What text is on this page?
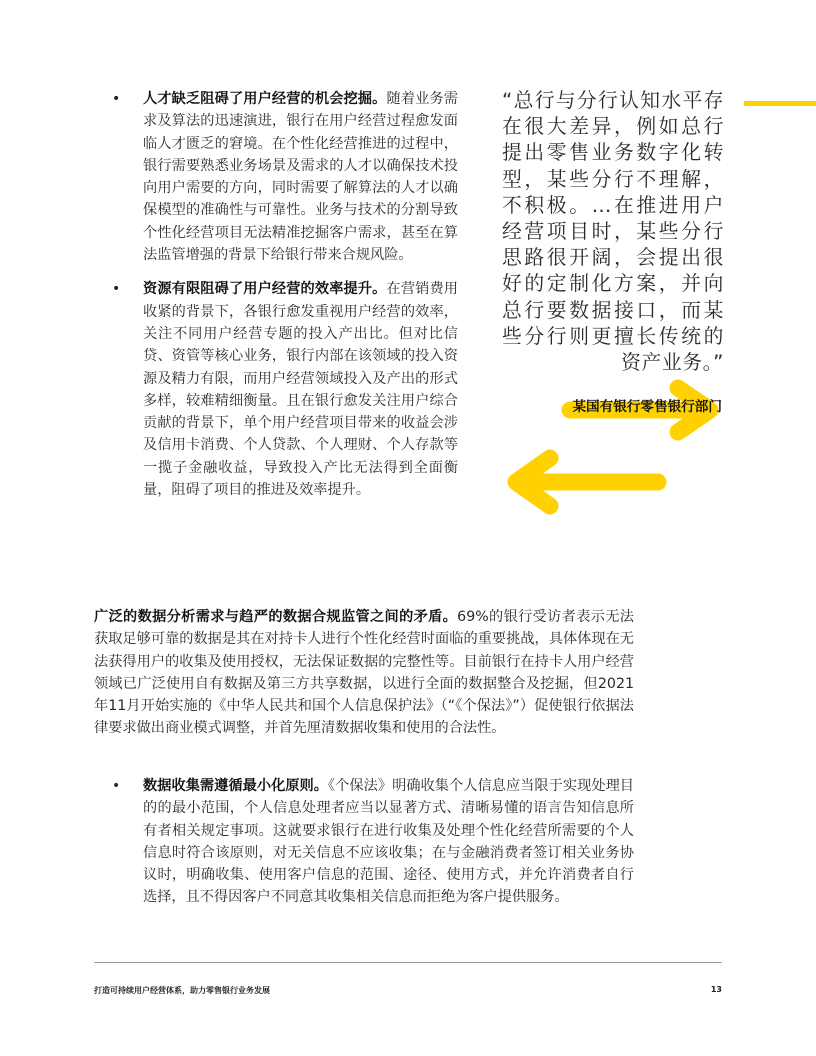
• 人才缺乏阻碍了用户经营的机会挖掘。随着业务需求及算法的迅速演进，银行在用户经营过程愈发面临人才匮乏的窘境。在个性化经营推进的过程中，银行需要熟悉业务场景及需求的人才以确保技术投向用户需要的方向，同时需要了解算法的人才以确保模型的准确性与可靠性。业务与技术的分割导致个性化经营项目无法精准挖掘客户需求，甚至在算法监管增强的背景下给银行带来合规风险。
• 资源有限阻碍了用户经营的效率提升。在营销费用收紧的背景下，各银行愈发重视用户经营的效率，关注不同用户经营专题的投入产出比。但对比信贷、资管等核心业务，银行内部在该领域的投入资源及精力有限，而用户经营领域投入及产出的形式多样，较难精细衡量。且在银行愈发关注用户综合贡献的背景下，单个用户经营项目带来的收益会涉及信用卡消费、个人贷款、个人理财、个人存款等一揽子金融收益，导致投入产比无法得到全面衡量，阻碍了项目的推进及效率提升。
“总行与分行认知水平存在很大差异，例如总行提出零售业务数字化转型，某些分行不理解，不积极。…在推进用户经营项目时，某些分行思路很开阔，会提出很好的定制化方案，并向总行要数据接口，而某些分行则更擅长传统的资产业务。”
某国有银行零售银行部门
广泛的数据分析需求与趋严的数据合规监管之间的矛盾。69%的银行受访者表示无法获取足够可靠的数据是其在对持卡人进行个性化经营时面临的重要挑战，具体体现在无法获得用户的收集及使用授权，无法保证数据的完整性等。目前银行在持卡人用户经营领域已广泛使用自有数据及第三方共享数据，以进行全面的数据整合及挖掘，但2021年11月开始实施的《中华人民共和国个人信息保护法》（“《个保法》”）促使银行依据法律要求做出商业模式调整，并首先厘清数据收集和使用的合法性。
• 数据收集需遵循最小化原则。《个保法》明确收集个人信息应当限于实现处理目的的最小范围，个人信息处理者应当以显著方式、清晰易懂的语言告知信息所有者相关规定事项。这就要求银行在进行收集及处理个性化经营所需要的个人信息时符合该原则，对无关信息不应该收集；在与金融消费者签订相关业务协议时，明确收集、使用客户信息的范围、途径、使用方式，并允许消费者自行选择，且不得因客户不同意其收集相关信息而拒绝为客户提供服务。
打造可持续用户经营体系，助力零售银行业务发展	13
